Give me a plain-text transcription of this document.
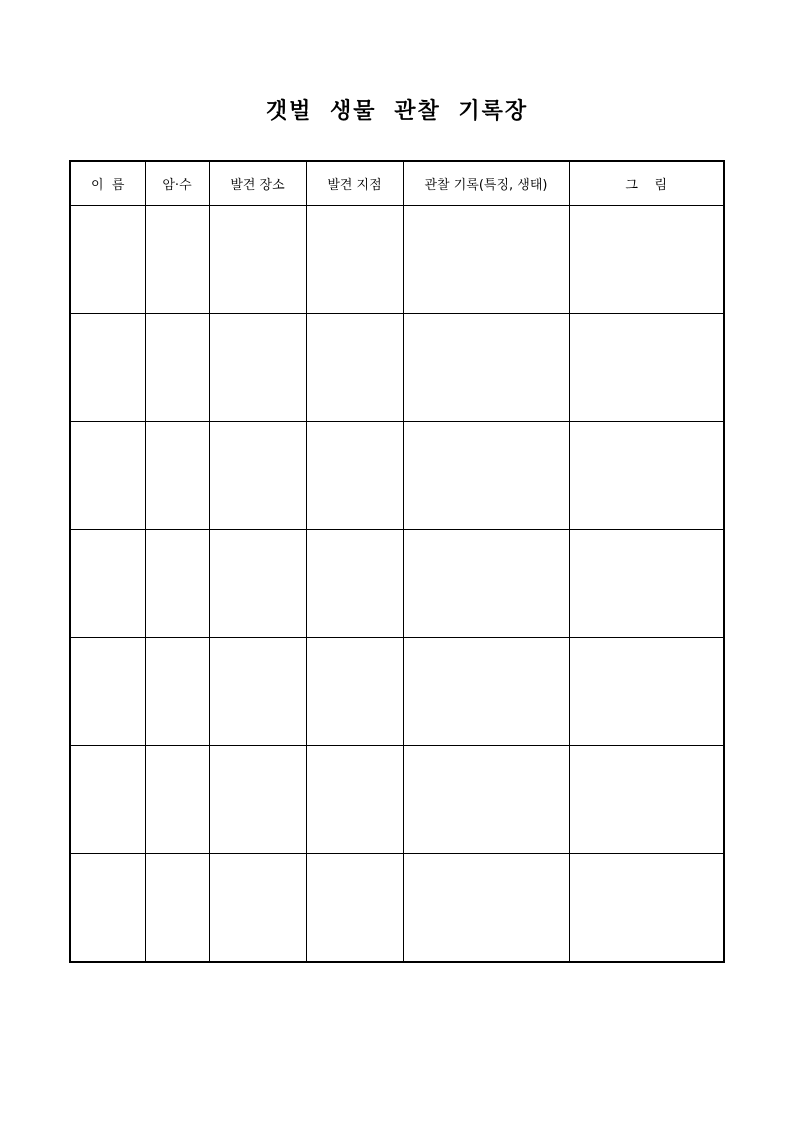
갯벌 생물 관찰 기록장
이  름	암·수	발견 장소	발견 지점	관찰 기록(특징, 생태)	그    림
